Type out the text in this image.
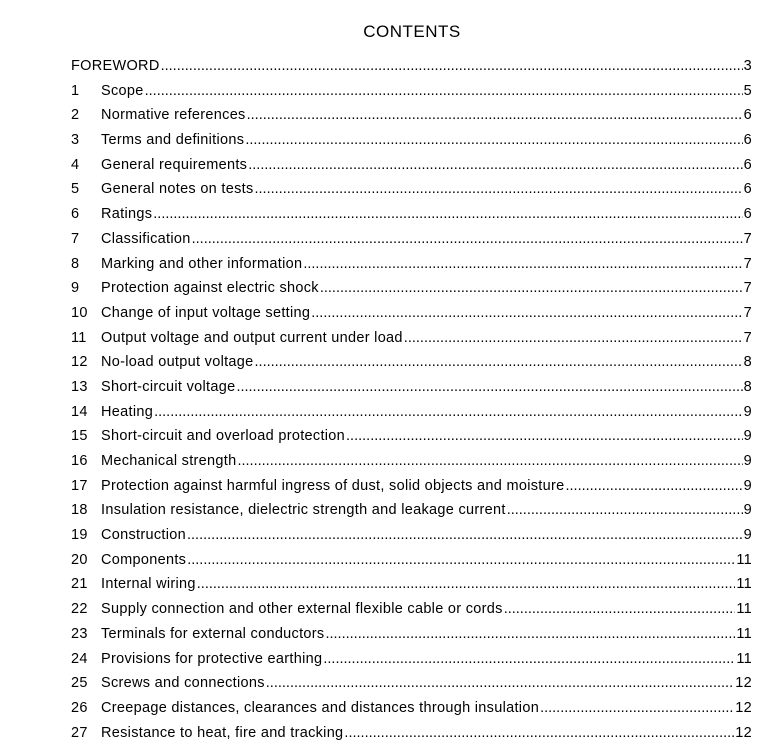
CONTENTS
FOREWORD .....	3
1	Scope .....	5
2	Normative references .....	6
3	Terms and definitions .....	6
4	General requirements .....	6
5	General notes on tests .....	6
6	Ratings .....	6
7	Classification .....	7
8	Marking and other information .....	7
9	Protection against electric shock .....	7
10 Change of input voltage setting .....	7
11 Output voltage and output current under load .....	7
12 No-load output voltage .....	8
13 Short-circuit voltage .....	8
14 Heating .....	9
15 Short-circuit and overload protection .....	9
16 Mechanical strength .....	9
17 Protection against harmful ingress of dust, solid objects and moisture .....	9
18 Insulation resistance, dielectric strength and leakage current .....	9
19 Construction .....	9
20 Components .....	11
21 Internal wiring .....	11
22 Supply connection and other external flexible cable or cords .....	11
23 Terminals for external conductors .....	11
24 Provisions for protective earthing .....	11
25 Screws and connections .....	12
26 Creepage distances, clearances and distances through insulation .....	12
27 Resistance to heat, fire and tracking .....	12
